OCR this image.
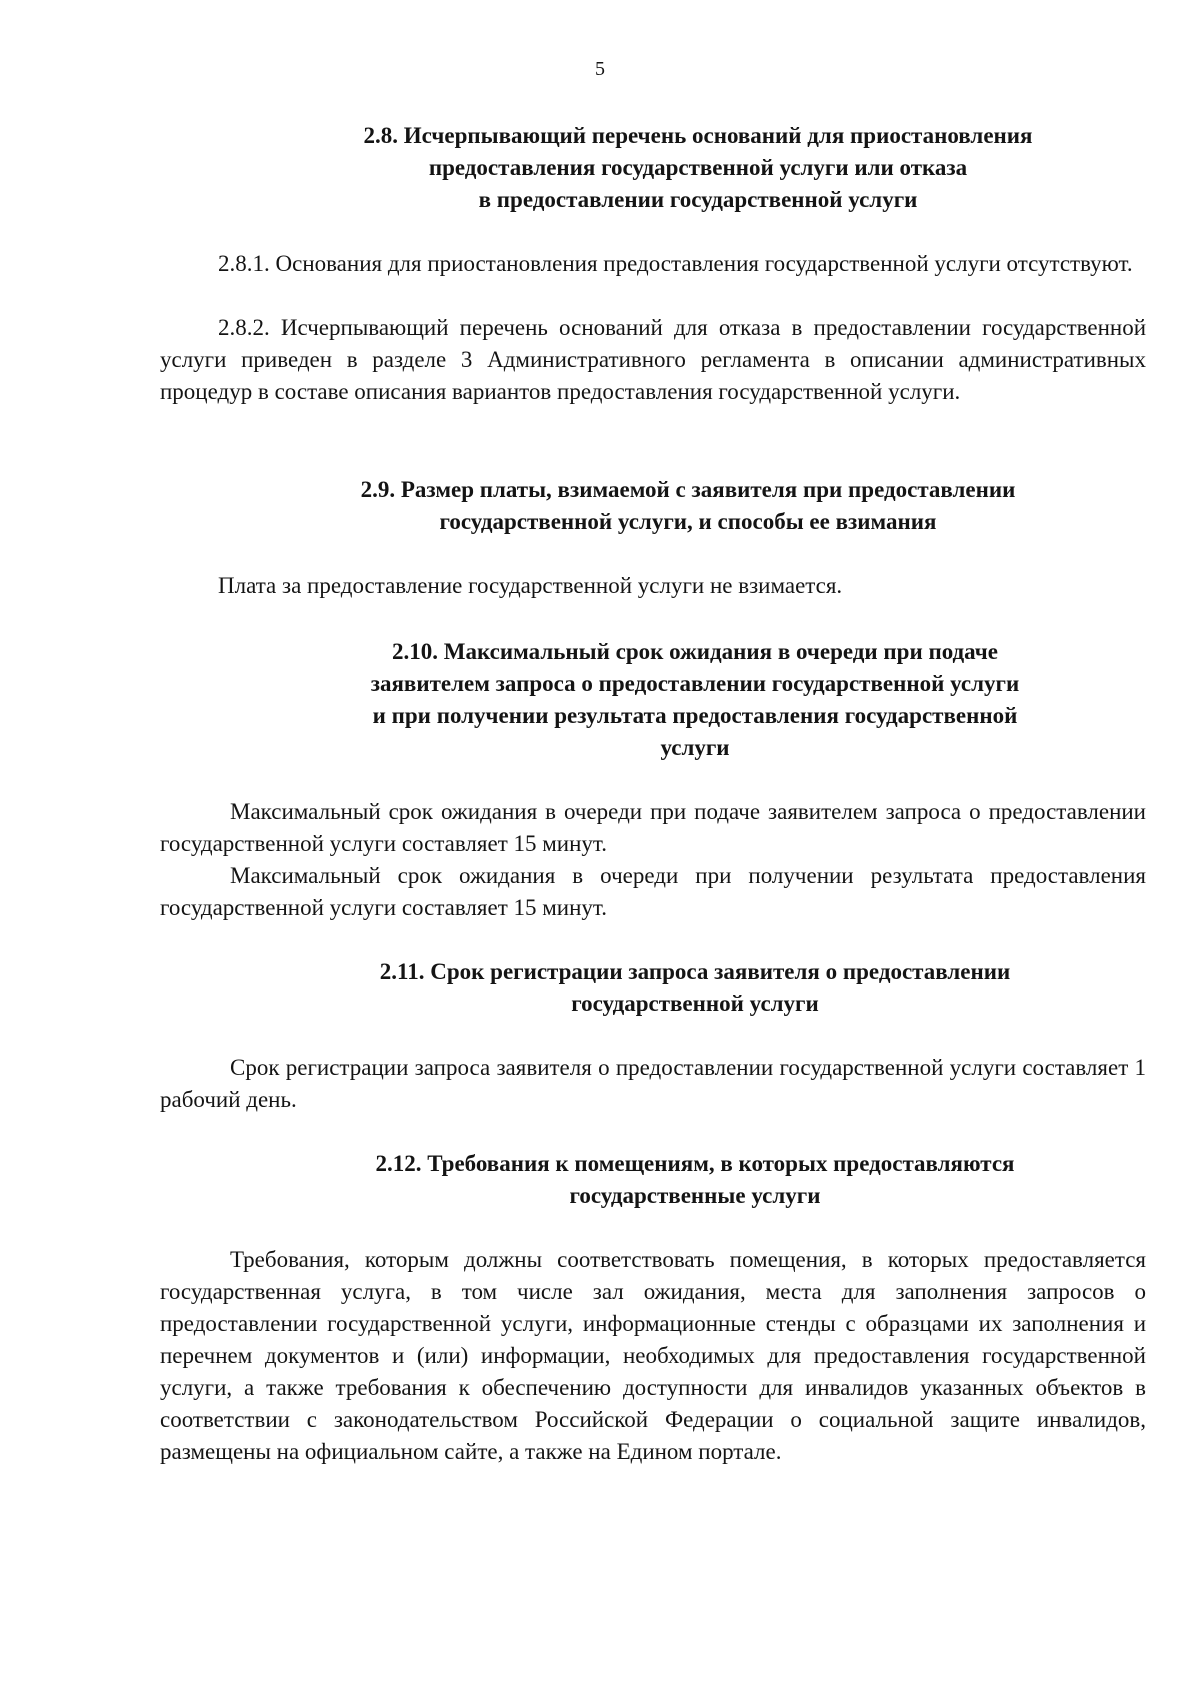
5
2.8. Исчерпывающий перечень оснований для приостановления
предоставления государственной услуги или отказа
в предоставлении государственной услуги

2.8.1. Основания для приостановления предоставления государственной услуги отсутствуют.

2.8.2. Исчерпывающий перечень оснований для отказа в предоставлении государственной услуги приведен в разделе 3 Административного регламента в описании административных процедур в составе описания вариантов предоставления государственной услуги.

2.9. Размер платы, взимаемой с заявителя при предоставлении
государственной услуги, и способы ее взимания

Плата за предоставление государственной услуги не взимается.

2.10. Максимальный срок ожидания в очереди при подаче
заявителем запроса о предоставлении государственной услуги
и при получении результата предоставления государственной
услуги

Максимальный срок ожидания в очереди при подаче заявителем запроса о предоставлении государственной услуги составляет 15 минут.

Максимальный срок ожидания в очереди при получении результата предоставления государственной услуги составляет 15 минут.

2.11. Срок регистрации запроса заявителя о предоставлении
государственной услуги

Срок регистрации запроса заявителя о предоставлении государственной услуги составляет 1 рабочий день.

2.12. Требования к помещениям, в которых предоставляются
государственные услуги

Требования, которым должны соответствовать помещения, в которых предоставляется государственная услуга, в том числе зал ожидания, места для заполнения запросов о предоставлении государственной услуги, информационные стенды с образцами их заполнения и перечнем документов и (или) информации, необходимых для предоставления государственной услуги, а также требования к обеспечению доступности для инвалидов указанных объектов в соответствии с законодательством Российской Федерации о социальной защите инвалидов, размещены на официальном сайте, а также на Едином портале.
